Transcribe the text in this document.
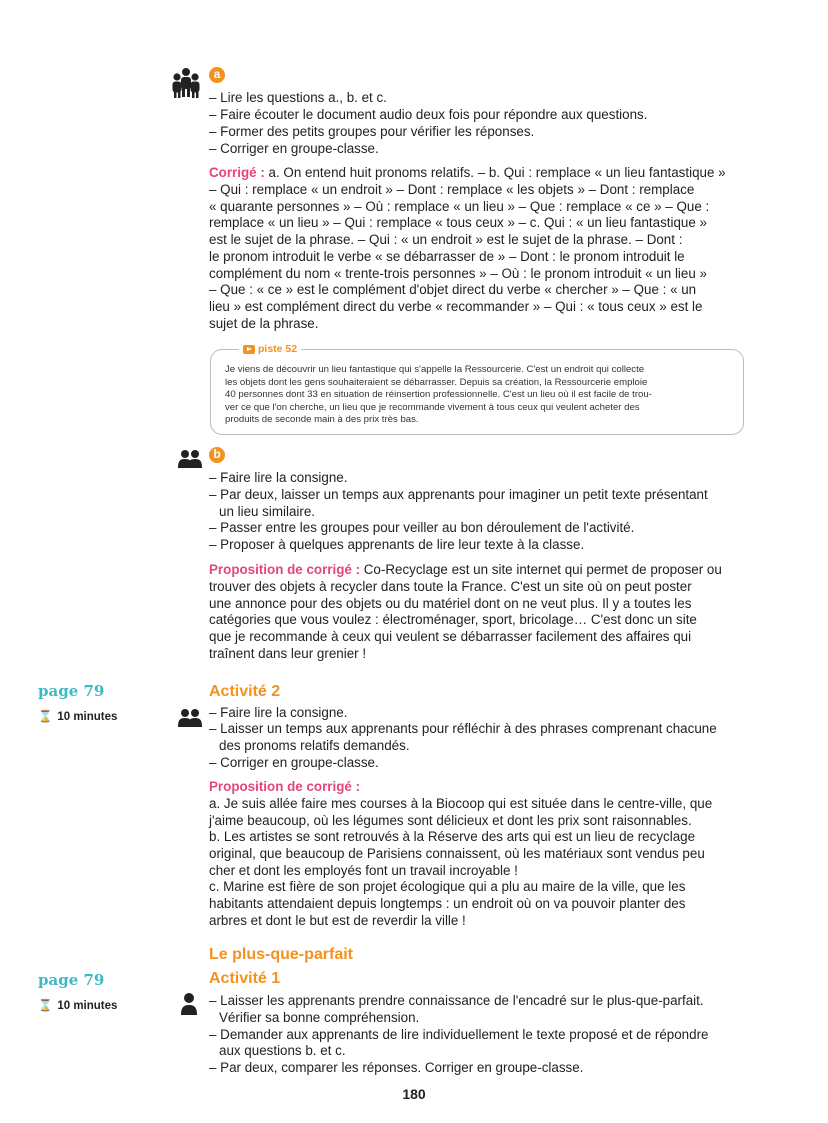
a
– Lire les questions a., b. et c.
– Faire écouter le document audio deux fois pour répondre aux questions.
– Former des petits groupes pour vérifier les réponses.
– Corriger en groupe-classe.
Corrigé : a. On entend huit pronoms relatifs. – b. Qui : remplace « un lieu fantastique »
– Qui : remplace « un endroit » – Dont : remplace « les objets » – Dont : remplace
« quarante personnes » – Où : remplace « un lieu » – Que : remplace « ce » – Que :
remplace « un lieu » – Qui : remplace « tous ceux » – c. Qui : « un lieu fantastique »
est le sujet de la phrase. – Qui : « un endroit » est le sujet de la phrase. – Dont :
le pronom introduit le verbe « se débarrasser de » – Dont : le pronom introduit le
complément du nom « trente-trois personnes » – Où : le pronom introduit « un lieu »
– Que : « ce » est le complément d'objet direct du verbe « chercher » – Que : « un
lieu » est complément direct du verbe « recommander » – Qui : « tous ceux » est le
sujet de la phrase.
piste 52
Je viens de découvrir un lieu fantastique qui s'appelle la Ressourcerie. C'est un endroit qui collecte
les objets dont les gens souhaiteraient se débarrasser. Depuis sa création, la Ressourcerie emploie
40 personnes dont 33 en situation de réinsertion professionnelle. C'est un lieu où il est facile de trou-
ver ce que l'on cherche, un lieu que je recommande vivement à tous ceux qui veulent acheter des
produits de seconde main à des prix très bas.
b
– Faire lire la consigne.
– Par deux, laisser un temps aux apprenants pour imaginer un petit texte présentant
un lieu similaire.
– Passer entre les groupes pour veiller au bon déroulement de l'activité.
– Proposer à quelques apprenants de lire leur texte à la classe.
Proposition de corrigé : Co-Recyclage est un site internet qui permet de proposer ou
trouver des objets à recycler dans toute la France. C'est un site où on peut poster
une annonce pour des objets ou du matériel dont on ne veut plus. Il y a toutes les
catégories que vous voulez : électroménager, sport, bricolage… C'est donc un site
que je recommande à ceux qui veulent se débarrasser facilement des affaires qui
traînent dans leur grenier !
page 79
⌛ 10 minutes
Activité 2
– Faire lire la consigne.
– Laisser un temps aux apprenants pour réfléchir à des phrases comprenant chacune
des pronoms relatifs demandés.
– Corriger en groupe-classe.
Proposition de corrigé :
a. Je suis allée faire mes courses à la Biocoop qui est située dans le centre-ville, que
j'aime beaucoup, où les légumes sont délicieux et dont les prix sont raisonnables.
b. Les artistes se sont retrouvés à la Réserve des arts qui est un lieu de recyclage
original, que beaucoup de Parisiens connaissent, où les matériaux sont vendus peu
cher et dont les employés font un travail incroyable !
c. Marine est fière de son projet écologique qui a plu au maire de la ville, que les
habitants attendaient depuis longtemps : un endroit où on va pouvoir planter des
arbres et dont le but est de reverdir la ville !
Le plus-que-parfait
page 79
⌛ 10 minutes
Activité 1
– Laisser les apprenants prendre connaissance de l'encadré sur le plus-que-parfait.
Vérifier sa bonne compréhension.
– Demander aux apprenants de lire individuellement le texte proposé et de répondre
aux questions b. et c.
– Par deux, comparer les réponses. Corriger en groupe-classe.
180
